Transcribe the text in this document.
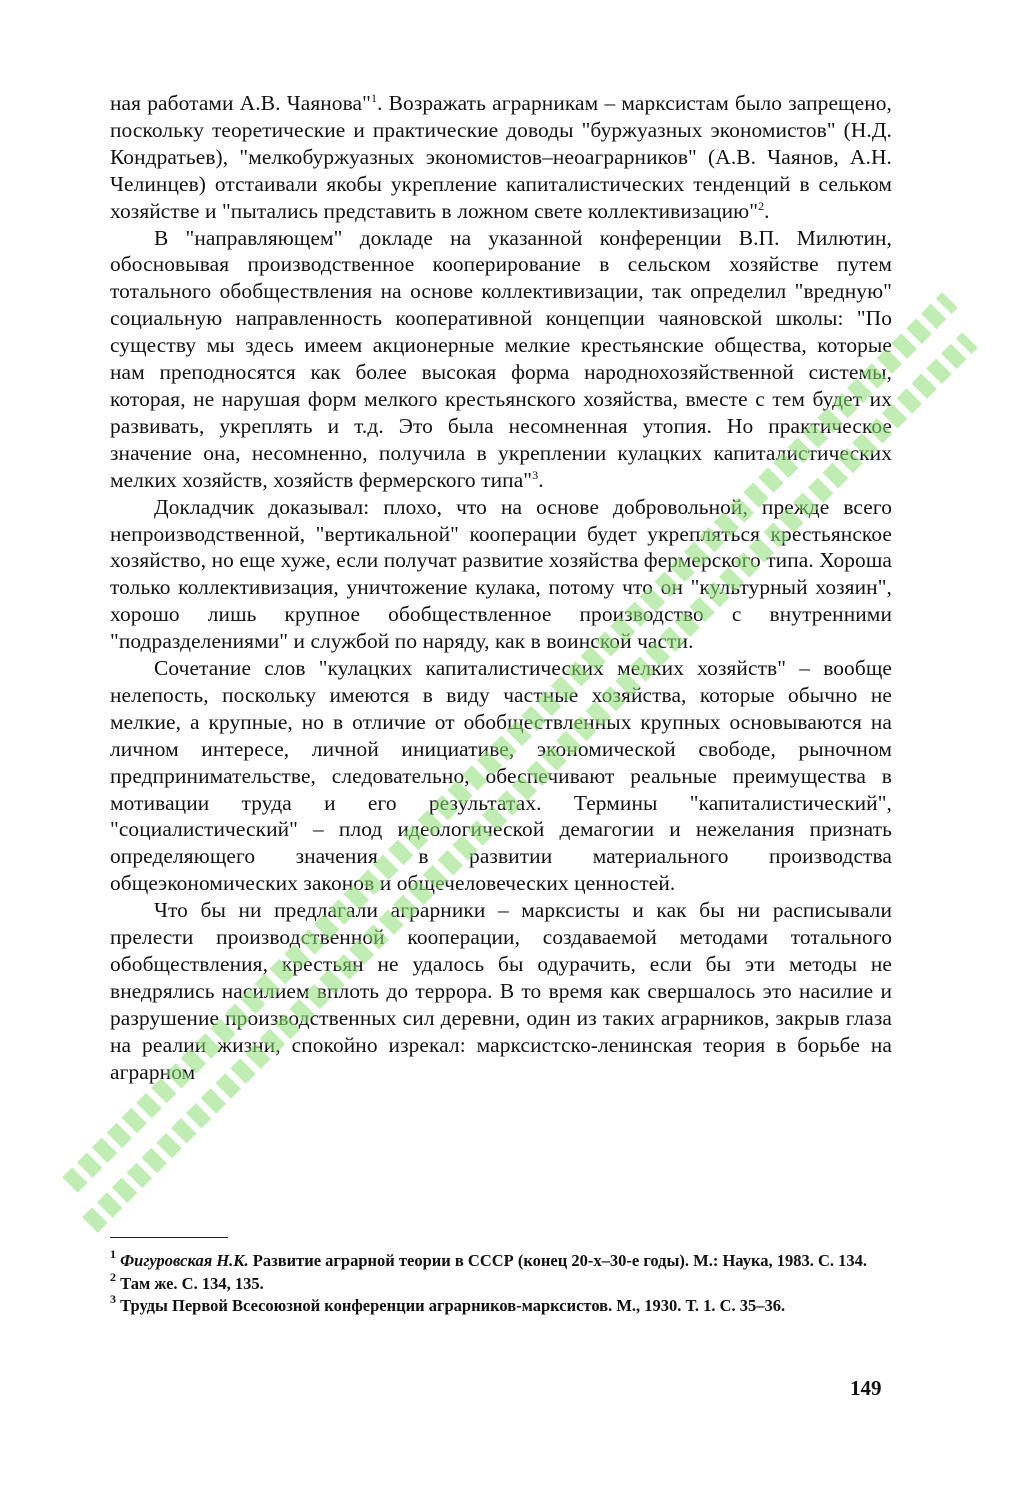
ная работами А.В. Чаянова"$^1$. Возражать аграрникам – марксистам было запрещено, поскольку теоретические и практические доводы "буржуазных экономистов" (Н.Д. Кондратьев), "мелкобуржуазных экономистов–неоаграрников" (А.В. Чаянов, А.Н. Челинцев) отстаивали якобы укрепление капиталистических тенденций в сельком хозяйстве и "пытались представить в ложном свете коллективизацию"$^2$.

В "направляющем" докладе на указанной конференции В.П. Милютин, обосновывая производственное кооперирование в сельском хозяйстве путем тотального обобществления на основе коллективизации, так определил "вредную" социальную направленность кооперативной концепции чаяновской школы: "По существу мы здесь имеем акционерные мелкие крестьянские общества, которые нам преподносятся как более высокая форма народнохозяйственной системы, которая, не нарушая форм мелкого крестьянского хозяйства, вместе с тем будет их развивать, укреплять и т.д. Это была несомненная утопия. Но практическое значение она, несомненно, получила в укреплении кулацких капиталистических мелких хозяйств, хозяйств фермерского типа"$^3$.

Докладчик доказывал: плохо, что на основе добровольной, прежде всего непроизводственной, "вертикальной" кооперации будет укрепляться крестьянское хозяйство, но еще хуже, если получат развитие хозяйства фермерского типа. Хороша только коллективизация, уничтожение кулака, потому что он "культурный хозяин", хорошо лишь крупное обобществленное производство с внутренними "подразделениями" и службой по наряду, как в воинской части.

Сочетание слов "кулацких капиталистических мелких хозяйств" – вообще нелепость, поскольку имеются в виду частные хозяйства, которые обычно не мелкие, а крупные, но в отличие от обобществленных крупных основываются на личном интересе, личной инициативе, экономической свободе, рыночном предпринимательстве, следовательно, обеспечивают реальные преимущества в мотивации труда и его результатах. Термины "капиталистический", "социалистический" – плод идеологической демагогии и нежелания признать определяющего значения в развитии материального производства общеэкономических законов и общечеловеческих ценностей.

Что бы ни предлагали аграрники – марксисты и как бы ни расписывали прелести производственной кооперации, создаваемой методами тотального обобществления, крестьян не удалось бы одурачить, если бы эти методы не внедрялись насилием вплоть до террора. В то время как свершалось это насилие и разрушение производственных сил деревни, один из таких аграрников, закрыв глаза на реалии жизни, спокойно изрекал: марксистско-ленинская теория в борьбе на аграрном

$^1$ Фигуровская Н.К. Развитие аграрной теории в СССР (конец 20-х–30-е годы). М.: Наука, 1983. С. 134.
$^2$ Там же. С. 134, 135.
$^3$ Труды Первой Всесоюзной конференции аграрников-марксистов. М., 1930. Т. 1. С. 35–36.
149
